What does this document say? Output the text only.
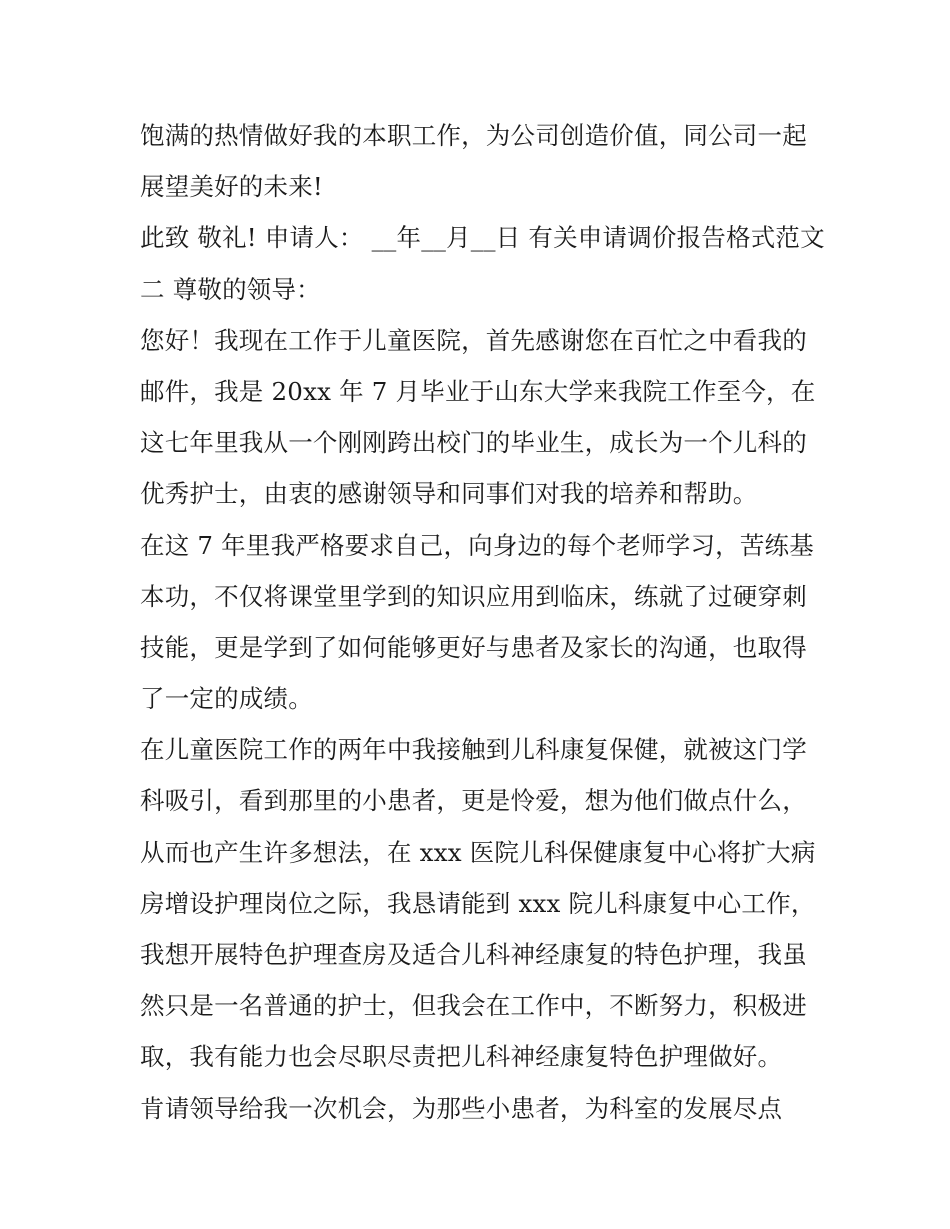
饱满的热情做好我的本职工作，为公司创造价值，同公司一起
展望美好的未来!
此致 敬礼! 申请人： __年__月__日 有关申请调价报告格式范文
二 尊敬的领导：
您好！我现在工作于儿童医院，首先感谢您在百忙之中看我的
邮件，我是 20xx 年 7 月毕业于山东大学来我院工作至今，在
这七年里我从一个刚刚跨出校门的毕业生，成长为一个儿科的
优秀护士，由衷的感谢领导和同事们对我的培养和帮助。
在这 7 年里我严格要求自己，向身边的每个老师学习，苦练基
本功，不仅将课堂里学到的知识应用到临床，练就了过硬穿刺
技能，更是学到了如何能够更好与患者及家长的沟通，也取得
了一定的成绩。
在儿童医院工作的两年中我接触到儿科康复保健，就被这门学
科吸引，看到那里的小患者，更是怜爱，想为他们做点什么，
从而也产生许多想法，在 xxx 医院儿科保健康复中心将扩大病
房增设护理岗位之际，我恳请能到 xxx 院儿科康复中心工作，
我想开展特色护理查房及适合儿科神经康复的特色护理，我虽
然只是一名普通的护士，但我会在工作中，不断努力，积极进
取，我有能力也会尽职尽责把儿科神经康复特色护理做好。
肯请领导给我一次机会，为那些小患者，为科室的发展尽点
